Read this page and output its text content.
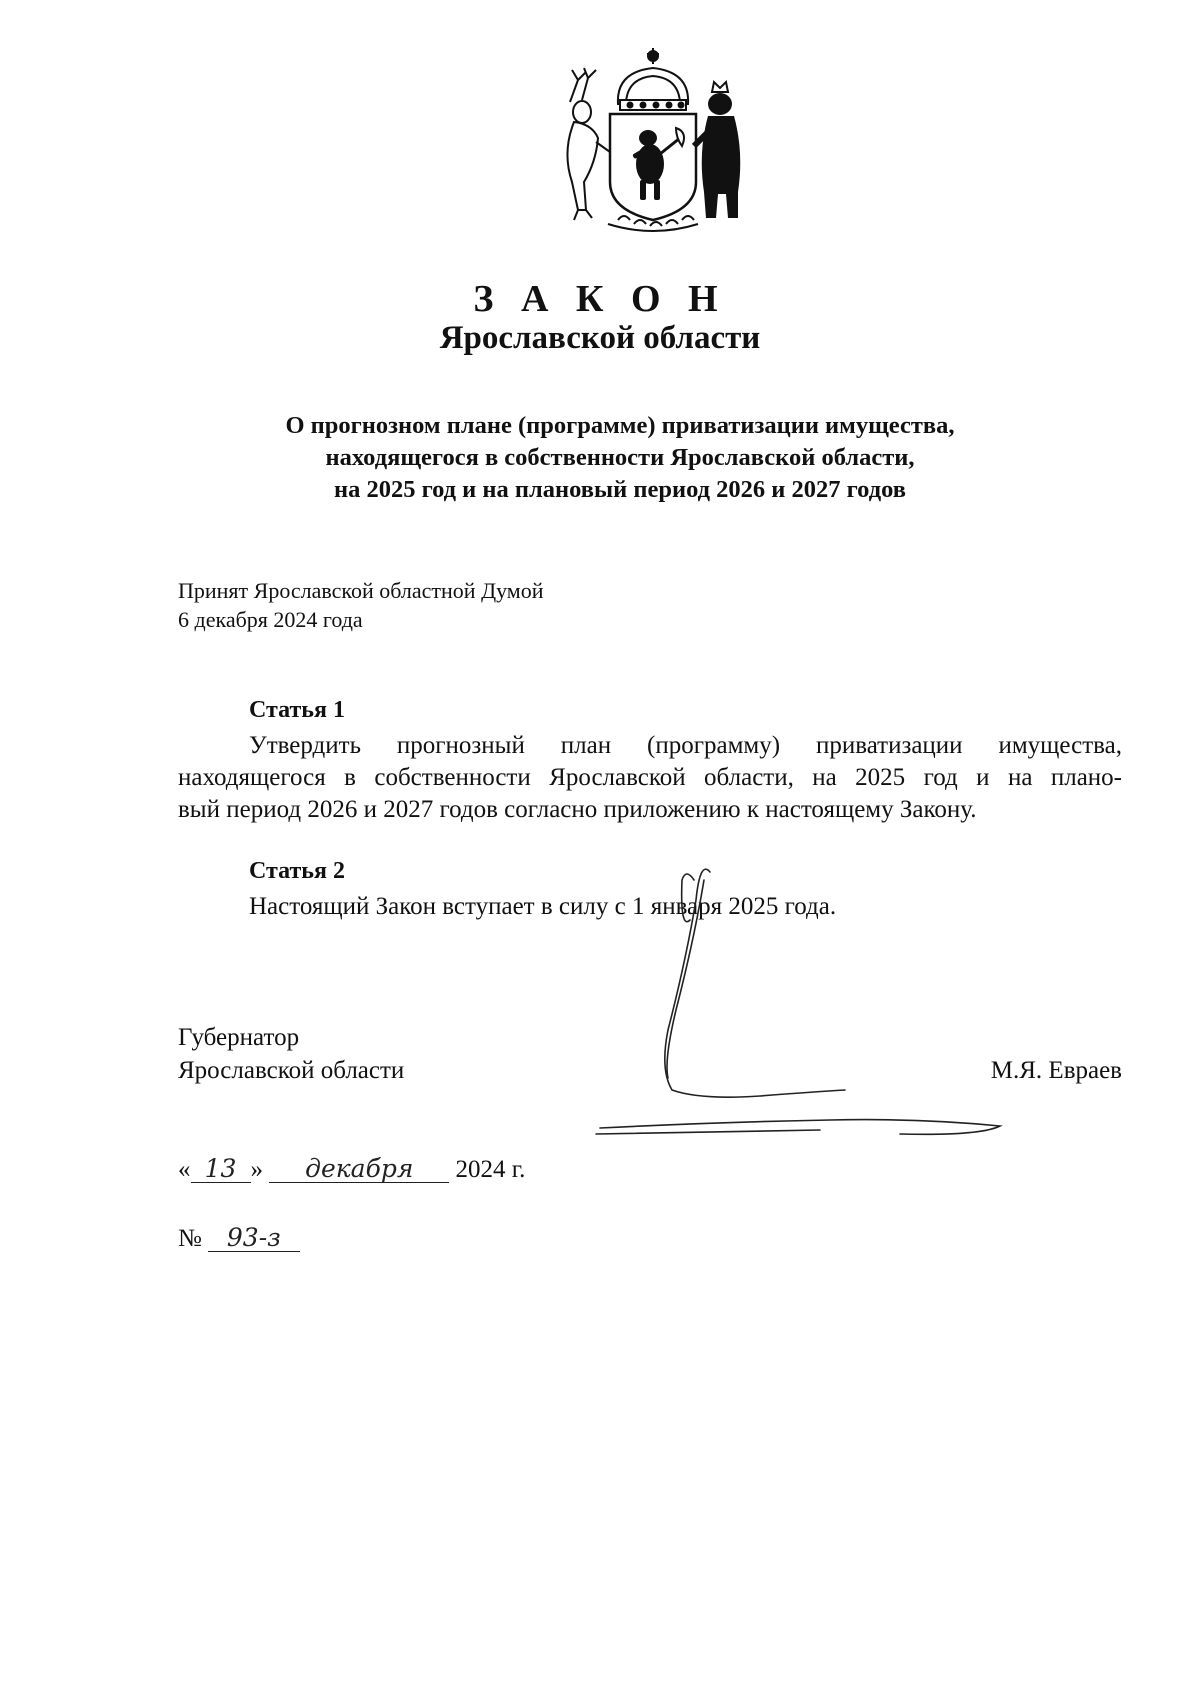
З А К О Н
Ярославской области
О прогнозном плане (программе) приватизации имущества,
находящегося в собственности Ярославской области,
на 2025 год и на плановый период 2026 и 2027 годов
Принят Ярославской областной Думой
6 декабря 2024 года
Статья 1
Утвердить прогнозный план (программу) приватизации имущества,
находящегося в собственности Ярославской области, на 2025 год и на плано-
вый период 2026 и 2027 годов согласно приложению к настоящему Закону.
Статья 2
Настоящий Закон вступает в силу с 1 января 2025 года.
Губернатор
Ярославской области	М.Я. Евраев
« 13 » декабря 2024 г.
№ 93-з
